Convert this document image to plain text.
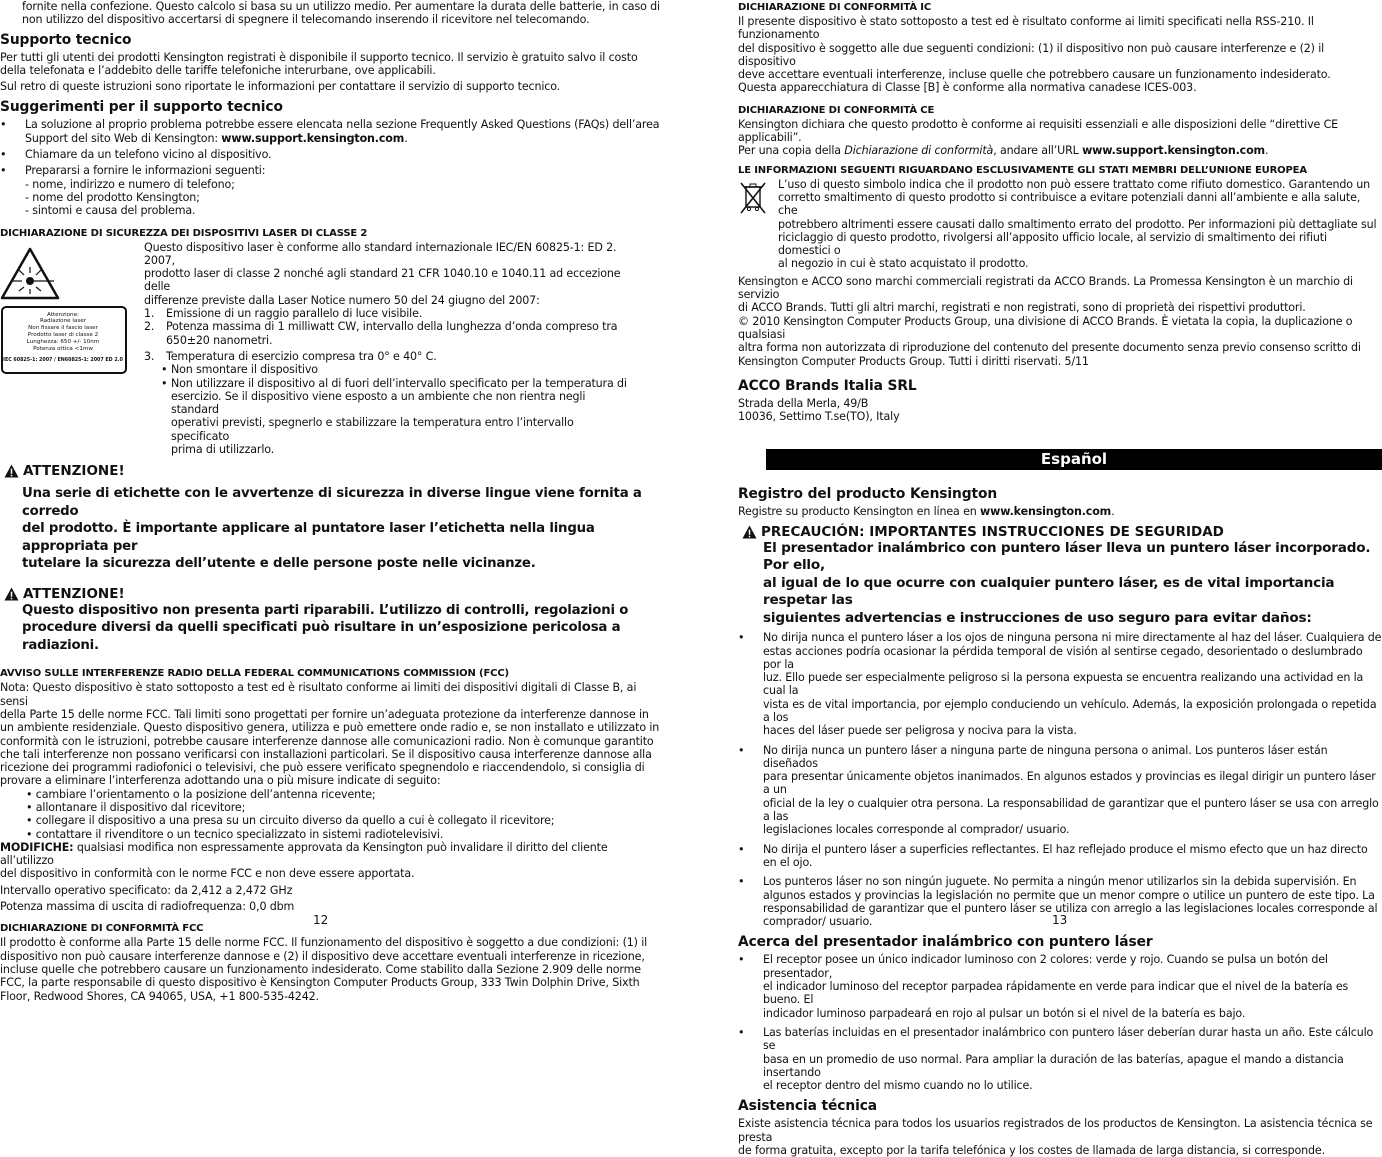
fornite nella confezione. Questo calcolo si basa su un utilizzo medio. Per aumentare la durata delle batterie, in caso di

non utilizzo del dispositivo accertarsi di spegnere il telecomando inserendo il ricevitore nel telecomando.

Supporto tecnico

Per tutti gli utenti dei prodotti Kensington registrati è disponibile il supporto tecnico. Il servizio è gratuito salvo il costo

della telefonata e l’addebito delle tariffe telefoniche interurbane, ove applicabili.

Sul retro di queste istruzioni sono riportate le informazioni per contattare il servizio di supporto tecnico.

Suggerimenti per il supporto tecnico
•	La soluzione al proprio problema potrebbe essere elencata nella sezione Frequently Asked Questions (FAQs) dell’area

Support del sito Web di Kensington: www.support.kensington.com.

•	Chiamare da un telefono vicino al dispositivo.

•	Prepararsi a fornire le informazioni seguenti:

- nome, indirizzo e numero di telefono;

- nome del prodotto Kensington;

- sintomi e causa del problema.

DICHIARAZIONE DI SICUREZZA DEI DISPOSITIVI LASER DI CLASSE 2
Attenzione:
Radiazione laser
Non fissare il fascio laser
Prodotto laser di classe 2
Lunghezza: 650 +/- 10nm
Potenza ottica <1mw
IEC 60825-1: 2007 / EN60825-1: 2007 ED 2.0

Questo dispositivo laser è conforme allo standard internazionale IEC/EN 60825-1: ED 2. 2007,

prodotto laser di classe 2 nonché agli standard 21 CFR 1040.10 e 1040.11 ad eccezione delle

differenze previste dalla Laser Notice numero 50 del 24 giugno del 2007:

1.	Emissione di un raggio parallelo di luce visibile.

2.	Potenza massima di 1 milliwatt CW, intervallo della lunghezza d’onda compreso tra

650±20 nanometri.

3.	Temperatura di esercizio compresa tra 0° e 40° C.

• Non smontare il dispositivo

• Non utilizzare il dispositivo al di fuori dell’intervallo specificato per la temperatura di

esercizio. Se il dispositivo viene esposto a un ambiente che non rientra negli standard

operativi previsti, spegnerlo e stabilizzare la temperatura entro l’intervallo specificato

prima di utilizzarlo.

ATTENZIONE!

Una serie di etichette con le avvertenze di sicurezza in diverse lingue viene fornita a corredo

del prodotto. È importante applicare al puntatore laser l’etichetta nella lingua appropriata per

tutelare la sicurezza dell’utente e delle persone poste nelle vicinanze.

ATTENZIONE!

Questo dispositivo non presenta parti riparabili. L’utilizzo di controlli, regolazioni o

procedure diversi da quelli specificati può risultare in un’esposizione pericolosa a

radiazioni.

AVVISO SULLE INTERFERENZE RADIO DELLA FEDERAL COMMUNICATIONS COMMISSION (FCC)

Nota: Questo dispositivo è stato sottoposto a test ed è risultato conforme ai limiti dei dispositivi digitali di Classe B, ai sensi

della Parte 15 delle norme FCC. Tali limiti sono progettati per fornire un’adeguata protezione da interferenze dannose in

un ambiente residenziale. Questo dispositivo genera, utilizza e può emettere onde radio e, se non installato e utilizzato in

conformità con le istruzioni, potrebbe causare interferenze dannose alle comunicazioni radio. Non è comunque garantito

che tali interferenze non possano verificarsi con installazioni particolari. Se il dispositivo causa interferenze dannose alla

ricezione dei programmi radiofonici o televisivi, che può essere verificato spegnendolo e riaccendendolo, si consiglia di

provare a eliminare l’interferenza adottando una o più misure indicate di seguito:

• cambiare l’orientamento o la posizione dell’antenna ricevente;

• allontanare il dispositivo dal ricevitore;

• collegare il dispositivo a una presa su un circuito diverso da quello a cui è collegato il ricevitore;

• contattare il rivenditore o un tecnico specializzato in sistemi radiotelevisivi.

MODIFICHE: qualsiasi modifica non espressamente approvata da Kensington può invalidare il diritto del cliente all’utilizzo

del dispositivo in conformità con le norme FCC e non deve essere apportata.

Intervallo operativo specificato: da 2,412 a 2,472 GHz

Potenza massima di uscita di radiofrequenza: 0,0 dbm

DICHIARAZIONE DI CONFORMITÀ FCC

Il prodotto è conforme alla Parte 15 delle norme FCC. Il funzionamento del dispositivo è soggetto a due condizioni: (1) il

dispositivo non può causare interferenze dannose e (2) il dispositivo deve accettare eventuali interferenze in ricezione,

incluse quelle che potrebbero causare un funzionamento indesiderato. Come stabilito dalla Sezione 2.909 delle norme

FCC, la parte responsabile di questo dispositivo è Kensington Computer Products Group, 333 Twin Dolphin Drive, Sixth

Floor, Redwood Shores, CA 94065, USA, +1 800-535-4242.

12
DICHIARAZIONE DI CONFORMITÀ IC

Il presente dispositivo è stato sottoposto a test ed è risultato conforme ai limiti specificati nella RSS-210. Il funzionamento

del dispositivo è soggetto alle due seguenti condizioni: (1) il dispositivo non può causare interferenze e (2) il dispositivo

deve accettare eventuali interferenze, incluse quelle che potrebbero causare un funzionamento indesiderato.

Questa apparecchiatura di Classe [B] è conforme alla normativa canadese ICES-003.

DICHIARAZIONE DI CONFORMITÀ CE

Kensington dichiara che questo prodotto è conforme ai requisiti essenziali e alle disposizioni delle “direttive CE applicabili”.

Per una copia della Dichiarazione di conformità, andare all’URL www.support.kensington.com.

LE INFORMAZIONI SEGUENTI RIGUARDANO ESCLUSIVAMENTE GLI STATI MEMBRI DELL’UNIONE EUROPEA

L’uso di questo simbolo indica che il prodotto non può essere trattato come rifiuto domestico. Garantendo un

corretto smaltimento di questo prodotto si contribuisce a evitare potenziali danni all’ambiente e alla salute, che

potrebbero altrimenti essere causati dallo smaltimento errato del prodotto. Per informazioni più dettagliate sul

riciclaggio di questo prodotto, rivolgersi all’apposito ufficio locale, al servizio di smaltimento dei rifiuti domestici o

al negozio in cui è stato acquistato il prodotto.

Kensington e ACCO sono marchi commerciali registrati da ACCO Brands. La Promessa Kensington è un marchio di servizio

di ACCO Brands. Tutti gli altri marchi, registrati e non registrati, sono di proprietà dei rispettivi produttori.

© 2010 Kensington Computer Products Group, una divisione di ACCO Brands. È vietata la copia, la duplicazione o qualsiasi

altra forma non autorizzata di riproduzione del contenuto del presente documento senza previo consenso scritto di

Kensington Computer Products Group. Tutti i diritti riservati. 5/11

ACCO Brands Italia SRL

Strada della Merla, 49/B

10036, Settimo T.se(TO), Italy

Español
Registro del producto Kensington

Registre su producto Kensington en línea en www.kensington.com.

PRECAUCIÓN: IMPORTANTES INSTRUCCIONES DE SEGURIDAD

El presentador inalámbrico con puntero láser lleva un puntero láser incorporado. Por ello,

al igual de lo que ocurre con cualquier puntero láser, es de vital importancia respetar las

siguientes advertencias e instrucciones de uso seguro para evitar daños:

•	No dirija nunca el puntero láser a los ojos de ninguna persona ni mire directamente al haz del láser. Cualquiera de

estas acciones podría ocasionar la pérdida temporal de visión al sentirse cegado, desorientado o deslumbrado por la

luz. Ello puede ser especialmente peligroso si la persona expuesta se encuentra realizando una actividad en la cual la

vista es de vital importancia, por ejemplo conduciendo un vehículo. Además, la exposición prolongada o repetida a los

haces del láser puede ser peligrosa y nociva para la vista.

•	No dirija nunca un puntero láser a ninguna parte de ninguna persona o animal. Los punteros láser están diseñados

para presentar únicamente objetos inanimados. En algunos estados y provincias es ilegal dirigir un puntero láser a un

oficial de la ley o cualquier otra persona. La responsabilidad de garantizar que el puntero láser se usa con arreglo a las

legislaciones locales corresponde al comprador/ usuario.

•	No dirija el puntero láser a superficies reflectantes. El haz reflejado produce el mismo efecto que un haz directo en el ojo.

•	Los punteros láser no son ningún juguete. No permita a ningún menor utilizarlos sin la debida supervisión. En

algunos estados y provincias la legislación no permite que un menor compre o utilice un puntero de este tipo. La

responsabilidad de garantizar que el puntero láser se utiliza con arreglo a las legislaciones locales corresponde al

comprador/ usuario.

Acerca del presentador inalámbrico con puntero láser
•	El receptor posee un único indicador luminoso con 2 colores: verde y rojo. Cuando se pulsa un botón del presentador,

el indicador luminoso del receptor parpadea rápidamente en verde para indicar que el nivel de la batería es bueno. El

indicador luminoso parpadeará en rojo al pulsar un botón si el nivel de la batería es bajo.

•	Las baterías incluidas en el presentador inalámbrico con puntero láser deberían durar hasta un año. Este cálculo se

basa en un promedio de uso normal. Para ampliar la duración de las baterías, apague el mando a distancia insertando

el receptor dentro del mismo cuando no lo utilice.

Asistencia técnica

Existe asistencia técnica para todos los usuarios registrados de los productos de Kensington. La asistencia técnica se presta

de forma gratuita, excepto por la tarifa telefónica y los costes de llamada de larga distancia, si corresponde.

13
